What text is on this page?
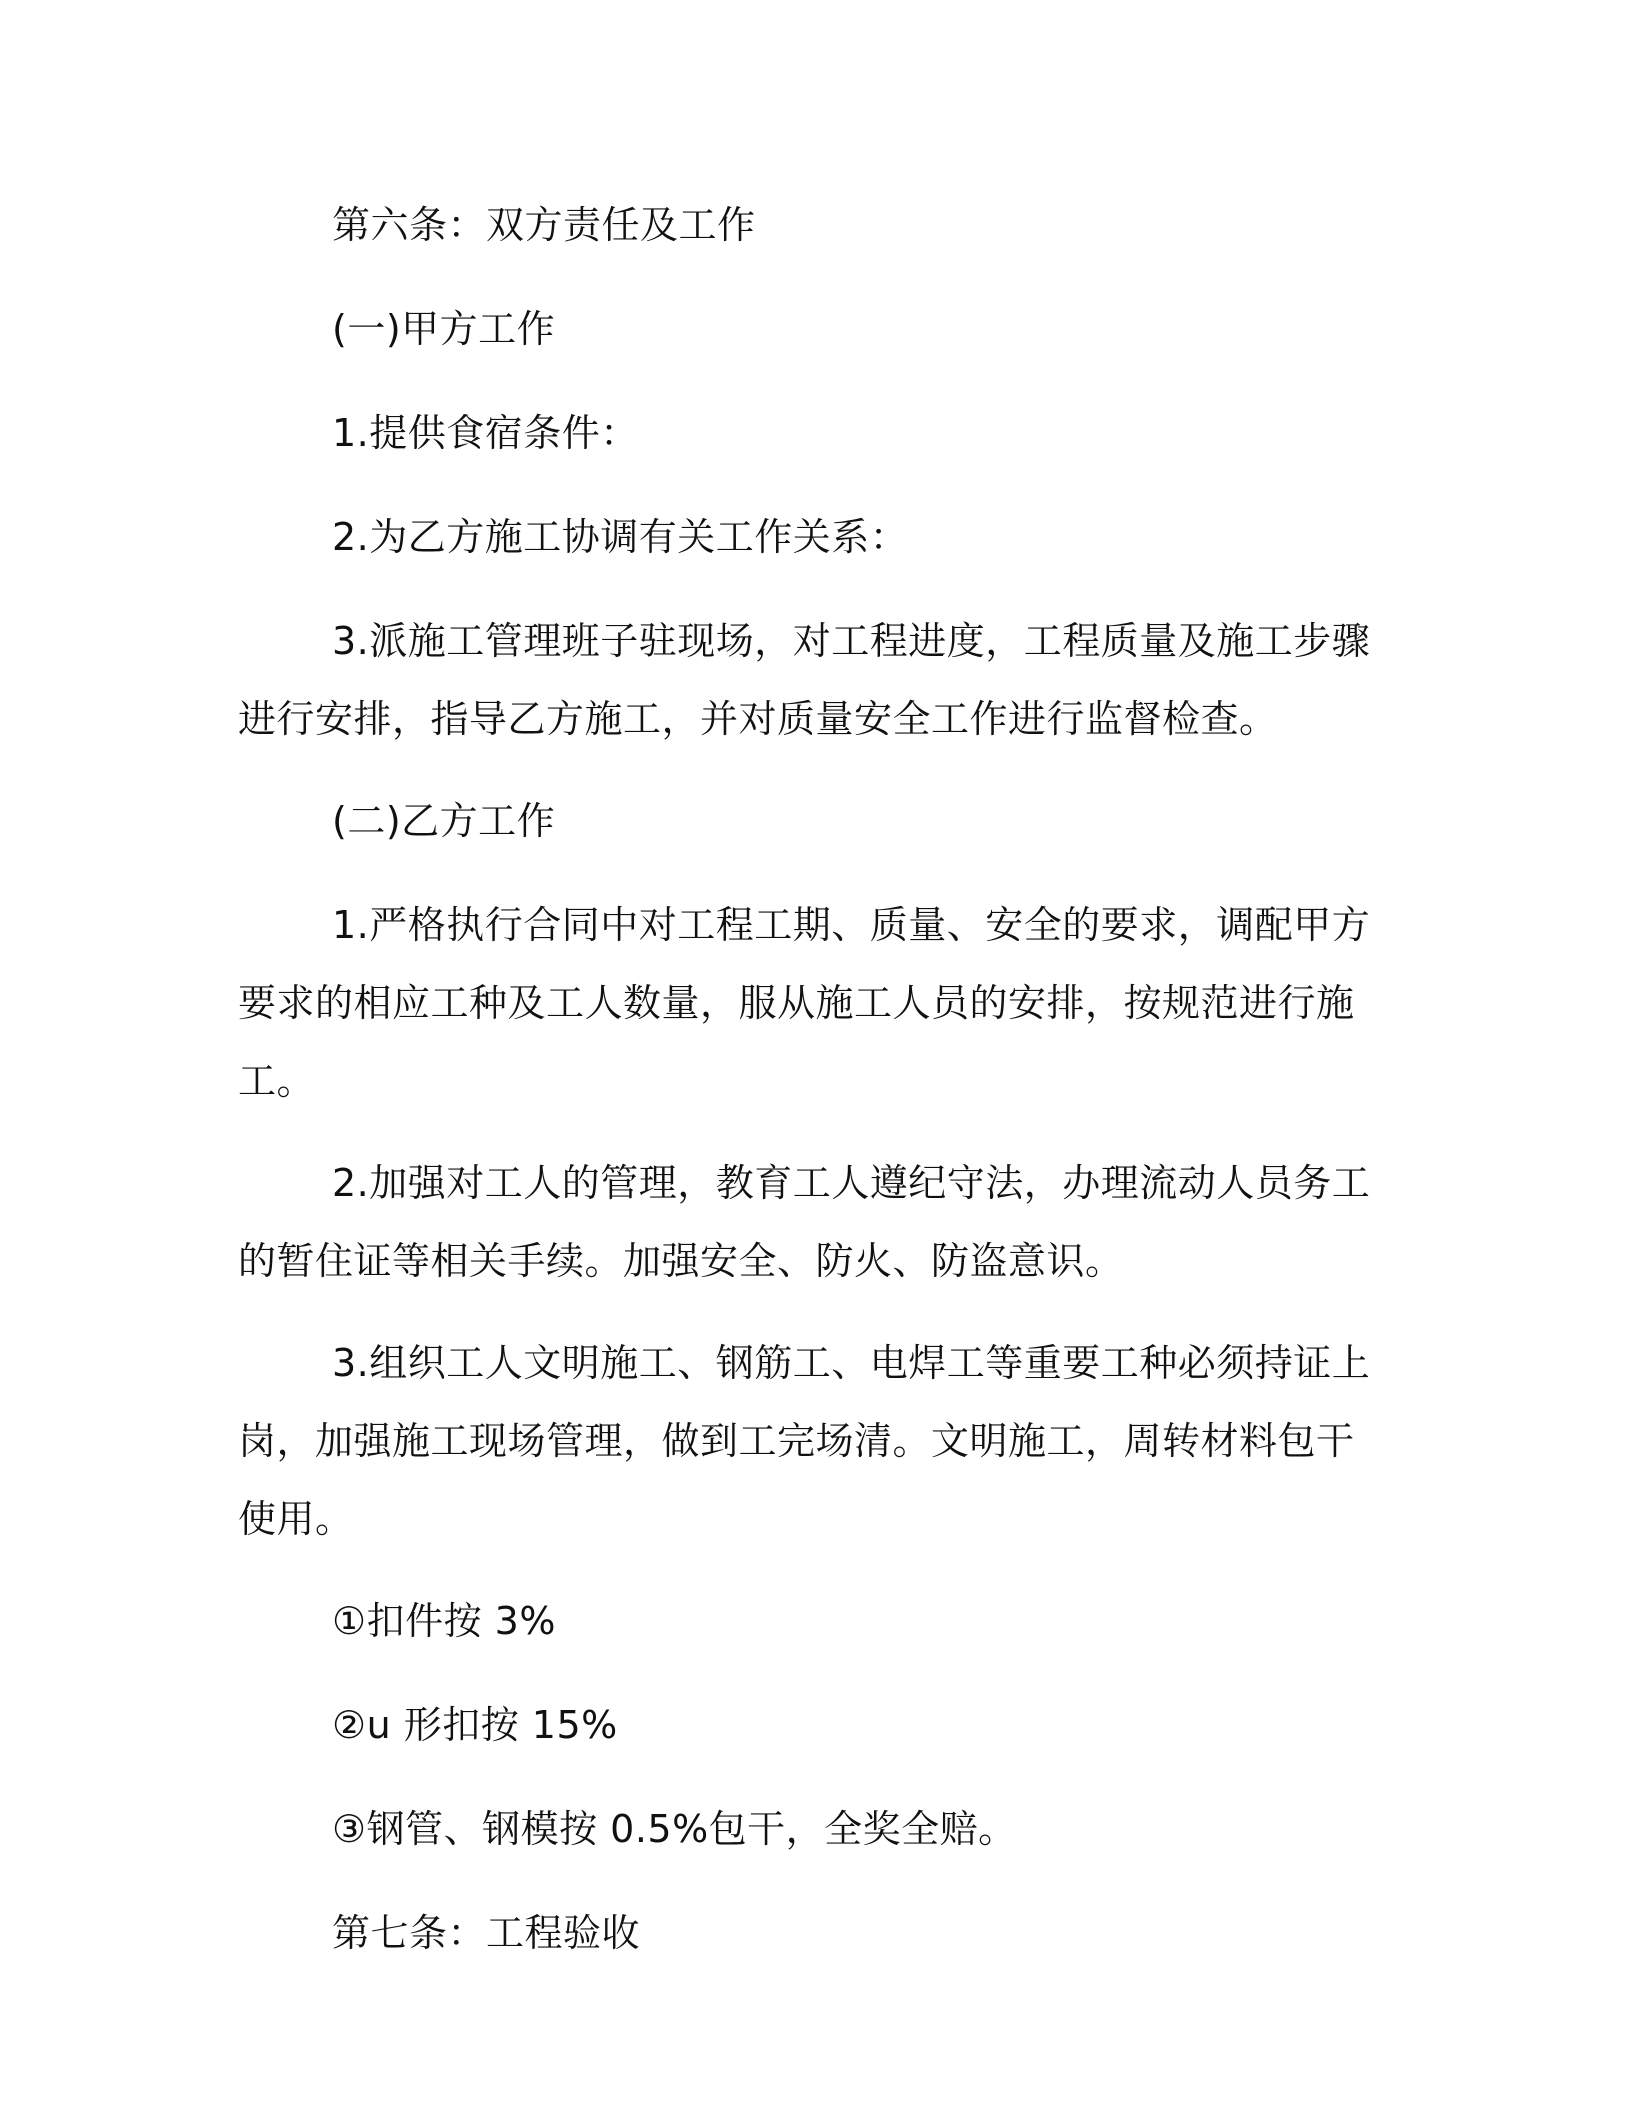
第六条：双方责任及工作

(一)甲方工作

1.提供食宿条件：

2.为乙方施工协调有关工作关系：

3.派施工管理班子驻现场，对工程进度，工程质量及施工步骤进行安排，指导乙方施工，并对质量安全工作进行监督检查。

(二)乙方工作

1.严格执行合同中对工程工期、质量、安全的要求，调配甲方要求的相应工种及工人数量，服从施工人员的安排，按规范进行施工。

2.加强对工人的管理，教育工人遵纪守法，办理流动人员务工的暂住证等相关手续。加强安全、防火、防盗意识。

3.组织工人文明施工、钢筋工、电焊工等重要工种必须持证上岗，加强施工现场管理，做到工完场清。文明施工，周转材料包干使用。

①扣件按 3%

②u 形扣按 15%

③钢管、钢模按 0.5%包干，全奖全赔。

第七条：工程验收
